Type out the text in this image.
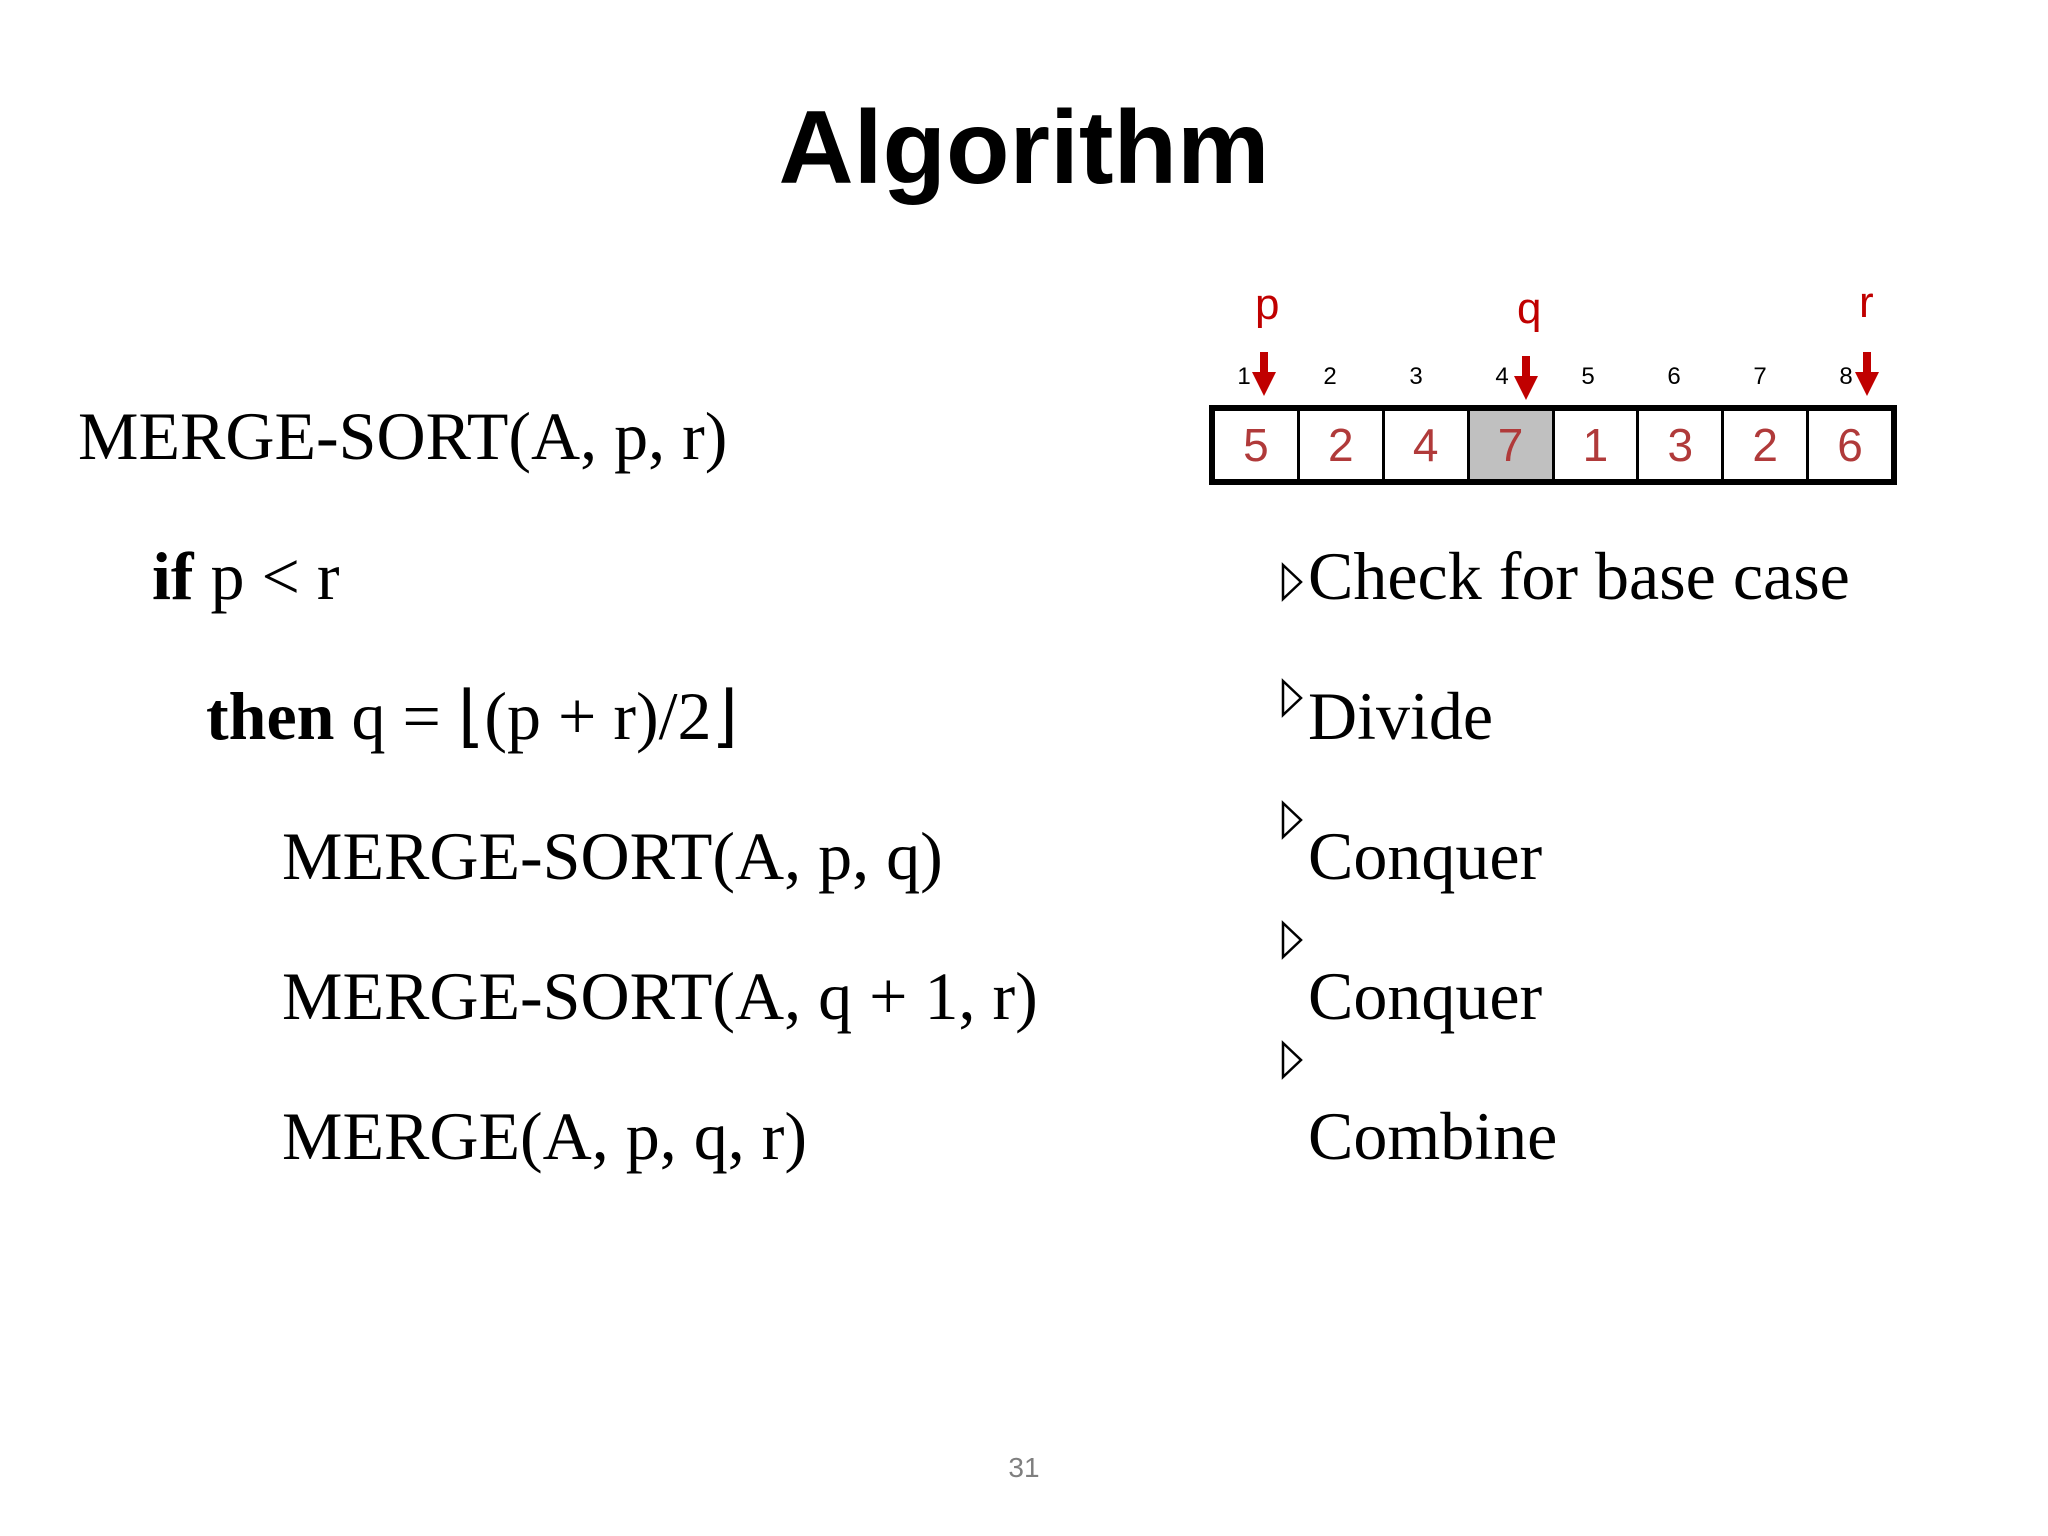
Algorithm
MERGE-SORT(A, p, r)
if p < r
then q = ⌊(p + r)/2⌋
MERGE-SORT(A, p, q)
MERGE-SORT(A, q + 1, r)
MERGE(A, p, q, r)
Check for base case
Divide
Conquer
Conquer
Combine
p	q	r
1	2	3	4	5	6	7	8
5	2	4	7	1	3	2	6
31
